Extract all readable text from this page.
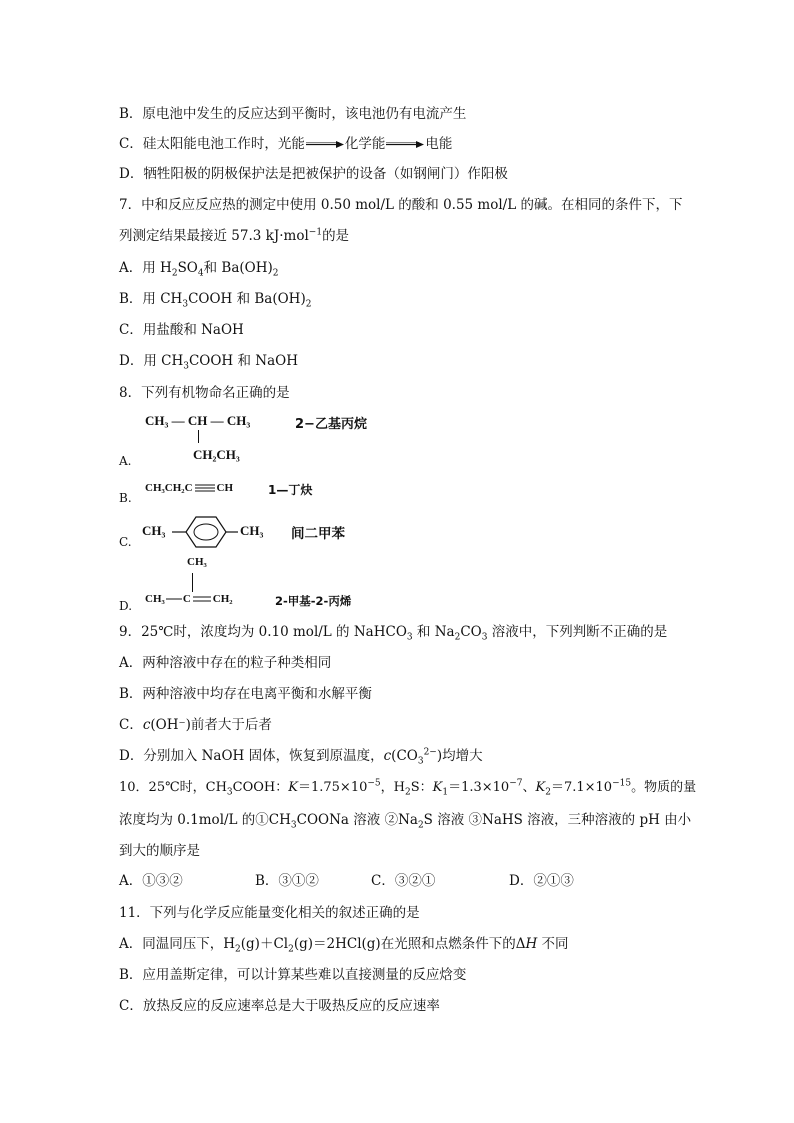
B．原电池中发生的反应达到平衡时，该电池仍有电流产生
C．硅太阳能电池工作时，光能	化学能	电能
D．牺牲阳极的阴极保护法是把被保护的设备（如钢闸门）作阳极
7．中和反应反应热的测定中使用 0.50 mol/L 的酸和 0.55 mol/L 的碱。在相同的条件下，下
列测定结果最接近 57.3 kJ·mol$^{-1}$的是
A．用 $H_2SO_4$和 $Ba(OH)_2$
B．用 $CH_3COOH$ 和 $Ba(OH)_2$
C．用盐酸和 NaOH
D．用 $CH_3COOH$ 和 NaOH
8．下列有机物命名正确的是
A.
CH₃ — CH — CH₃
CH₂CH₃
2−乙基丙烷
B.
CH₃CH₂C CH	1—丁炔
C.
CH₃	CH₃ 间二甲苯
CH₃
D. CH₃ C CH₂	2-甲基-2-丙烯
9．25℃时，浓度均为 0.10 mol/L 的 NaHCO$_3$ 和 $Na_2CO_3$ 溶液中，下列判断不正确的是
A．两种溶液中存在的粒子种类相同
B．两种溶液中均存在电离平衡和水解平衡
C．c(OH⁻)前者大于后者
D．分别加入 NaOH 固体，恢复到原温度，$c(CO_3^{2-})$均增大
10．25℃时，$CH_3COOH$：$K=1.75\times 10^{-5}$，$H_2S$：$K_1=1.3\times 10^{-7}$、$K_2=7.1\times 10^{-15}$。物质的量
浓度均为 0.1mol/L 的$①CH_3COONa$ 溶液 $②Na_2S$ 溶液 ③NaHS 溶液，三种溶液的 pH 由小
到大的顺序是
A．①③②	B．③①②	C．③②①	D．②①③
11．下列与化学反应能量变化相关的叙述正确的是
A．同温同压下，$H_2(g)+Cl_2(g)=2HCl(g)$在光照和点燃条件下的ΔH 不同
B．应用盖斯定律，可以计算某些难以直接测量的反应焓变
C．放热反应的反应速率总是大于吸热反应的反应速率
